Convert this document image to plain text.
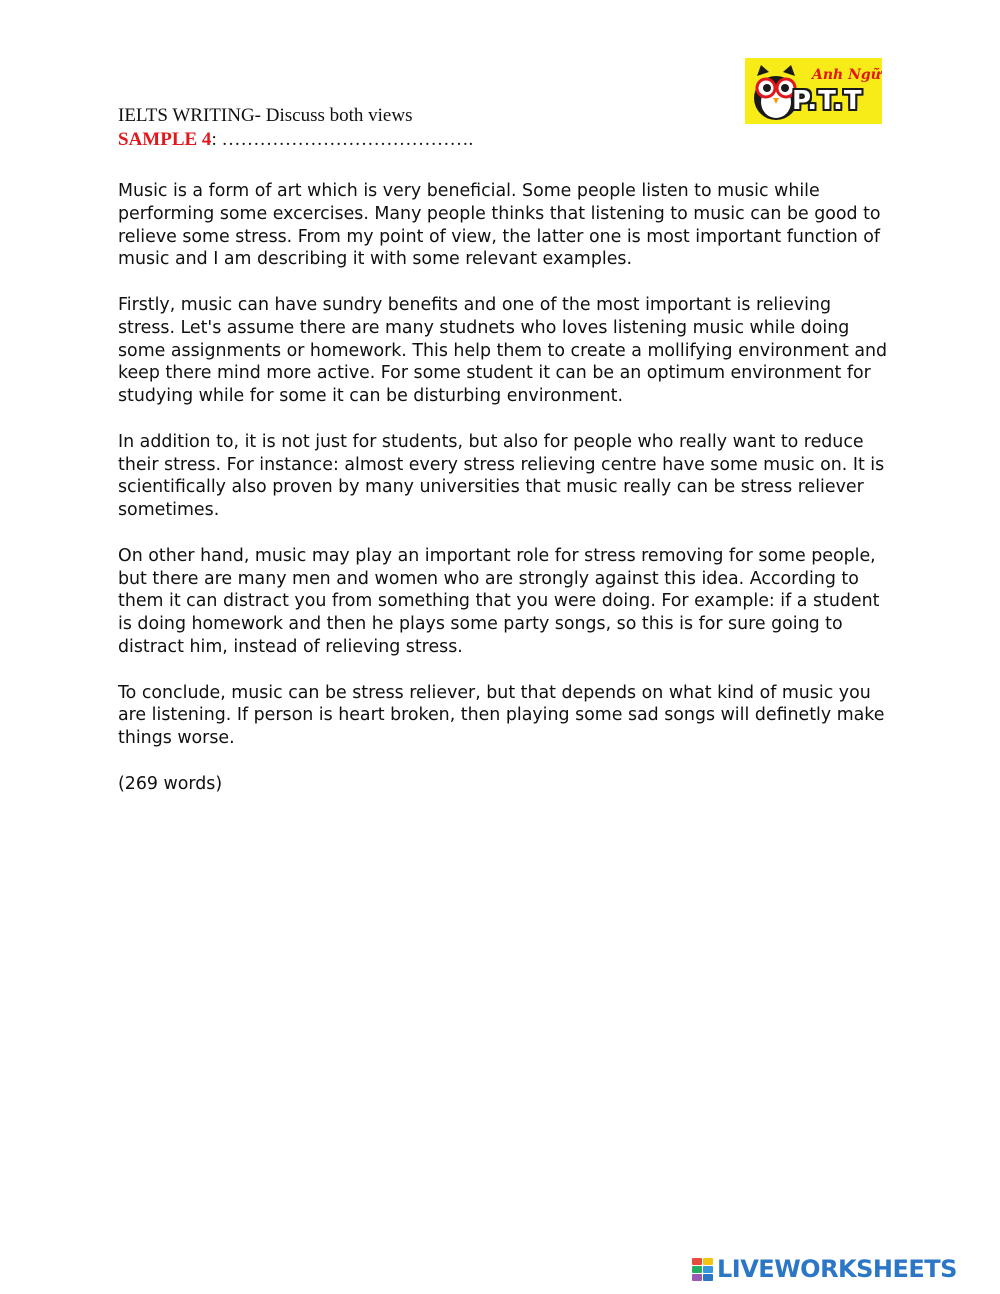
IELTS WRITING- Discuss both views
SAMPLE 4: ………………………………….
Anh Ngữ
P.T.T

Music is a form of art which is very beneficial. Some people listen to music while performing some excercises. Many people thinks that listening to music can be good to relieve some stress. From my point of view, the latter one is most important function of music and I am describing it with some relevant examples.

Firstly, music can have sundry benefits and one of the most important is relieving stress. Let's assume there are many studnets who loves listening music while doing some assignments or homework. This help them to create a mollifying environment and keep there mind more active. For some student it can be an optimum environment for studying while for some it can be disturbing environment.

In addition to, it is not just for students, but also for people who really want to reduce their stress. For instance: almost every stress relieving centre have some music on. It is scientifically also proven by many universities that music really can be stress reliever sometimes.

On other hand, music may play an important role for stress removing for some people, but there are many men and women who are strongly against this idea. According to them it can distract you from something that you were doing. For example: if a student is doing homework and then he plays some party songs, so this is for sure going to distract him, instead of relieving stress.

To conclude, music can be stress reliever, but that depends on what kind of music you are listening. If person is heart broken, then playing some sad songs will definetly make things worse.

(269 words)

LIVEWORKSHEETS
